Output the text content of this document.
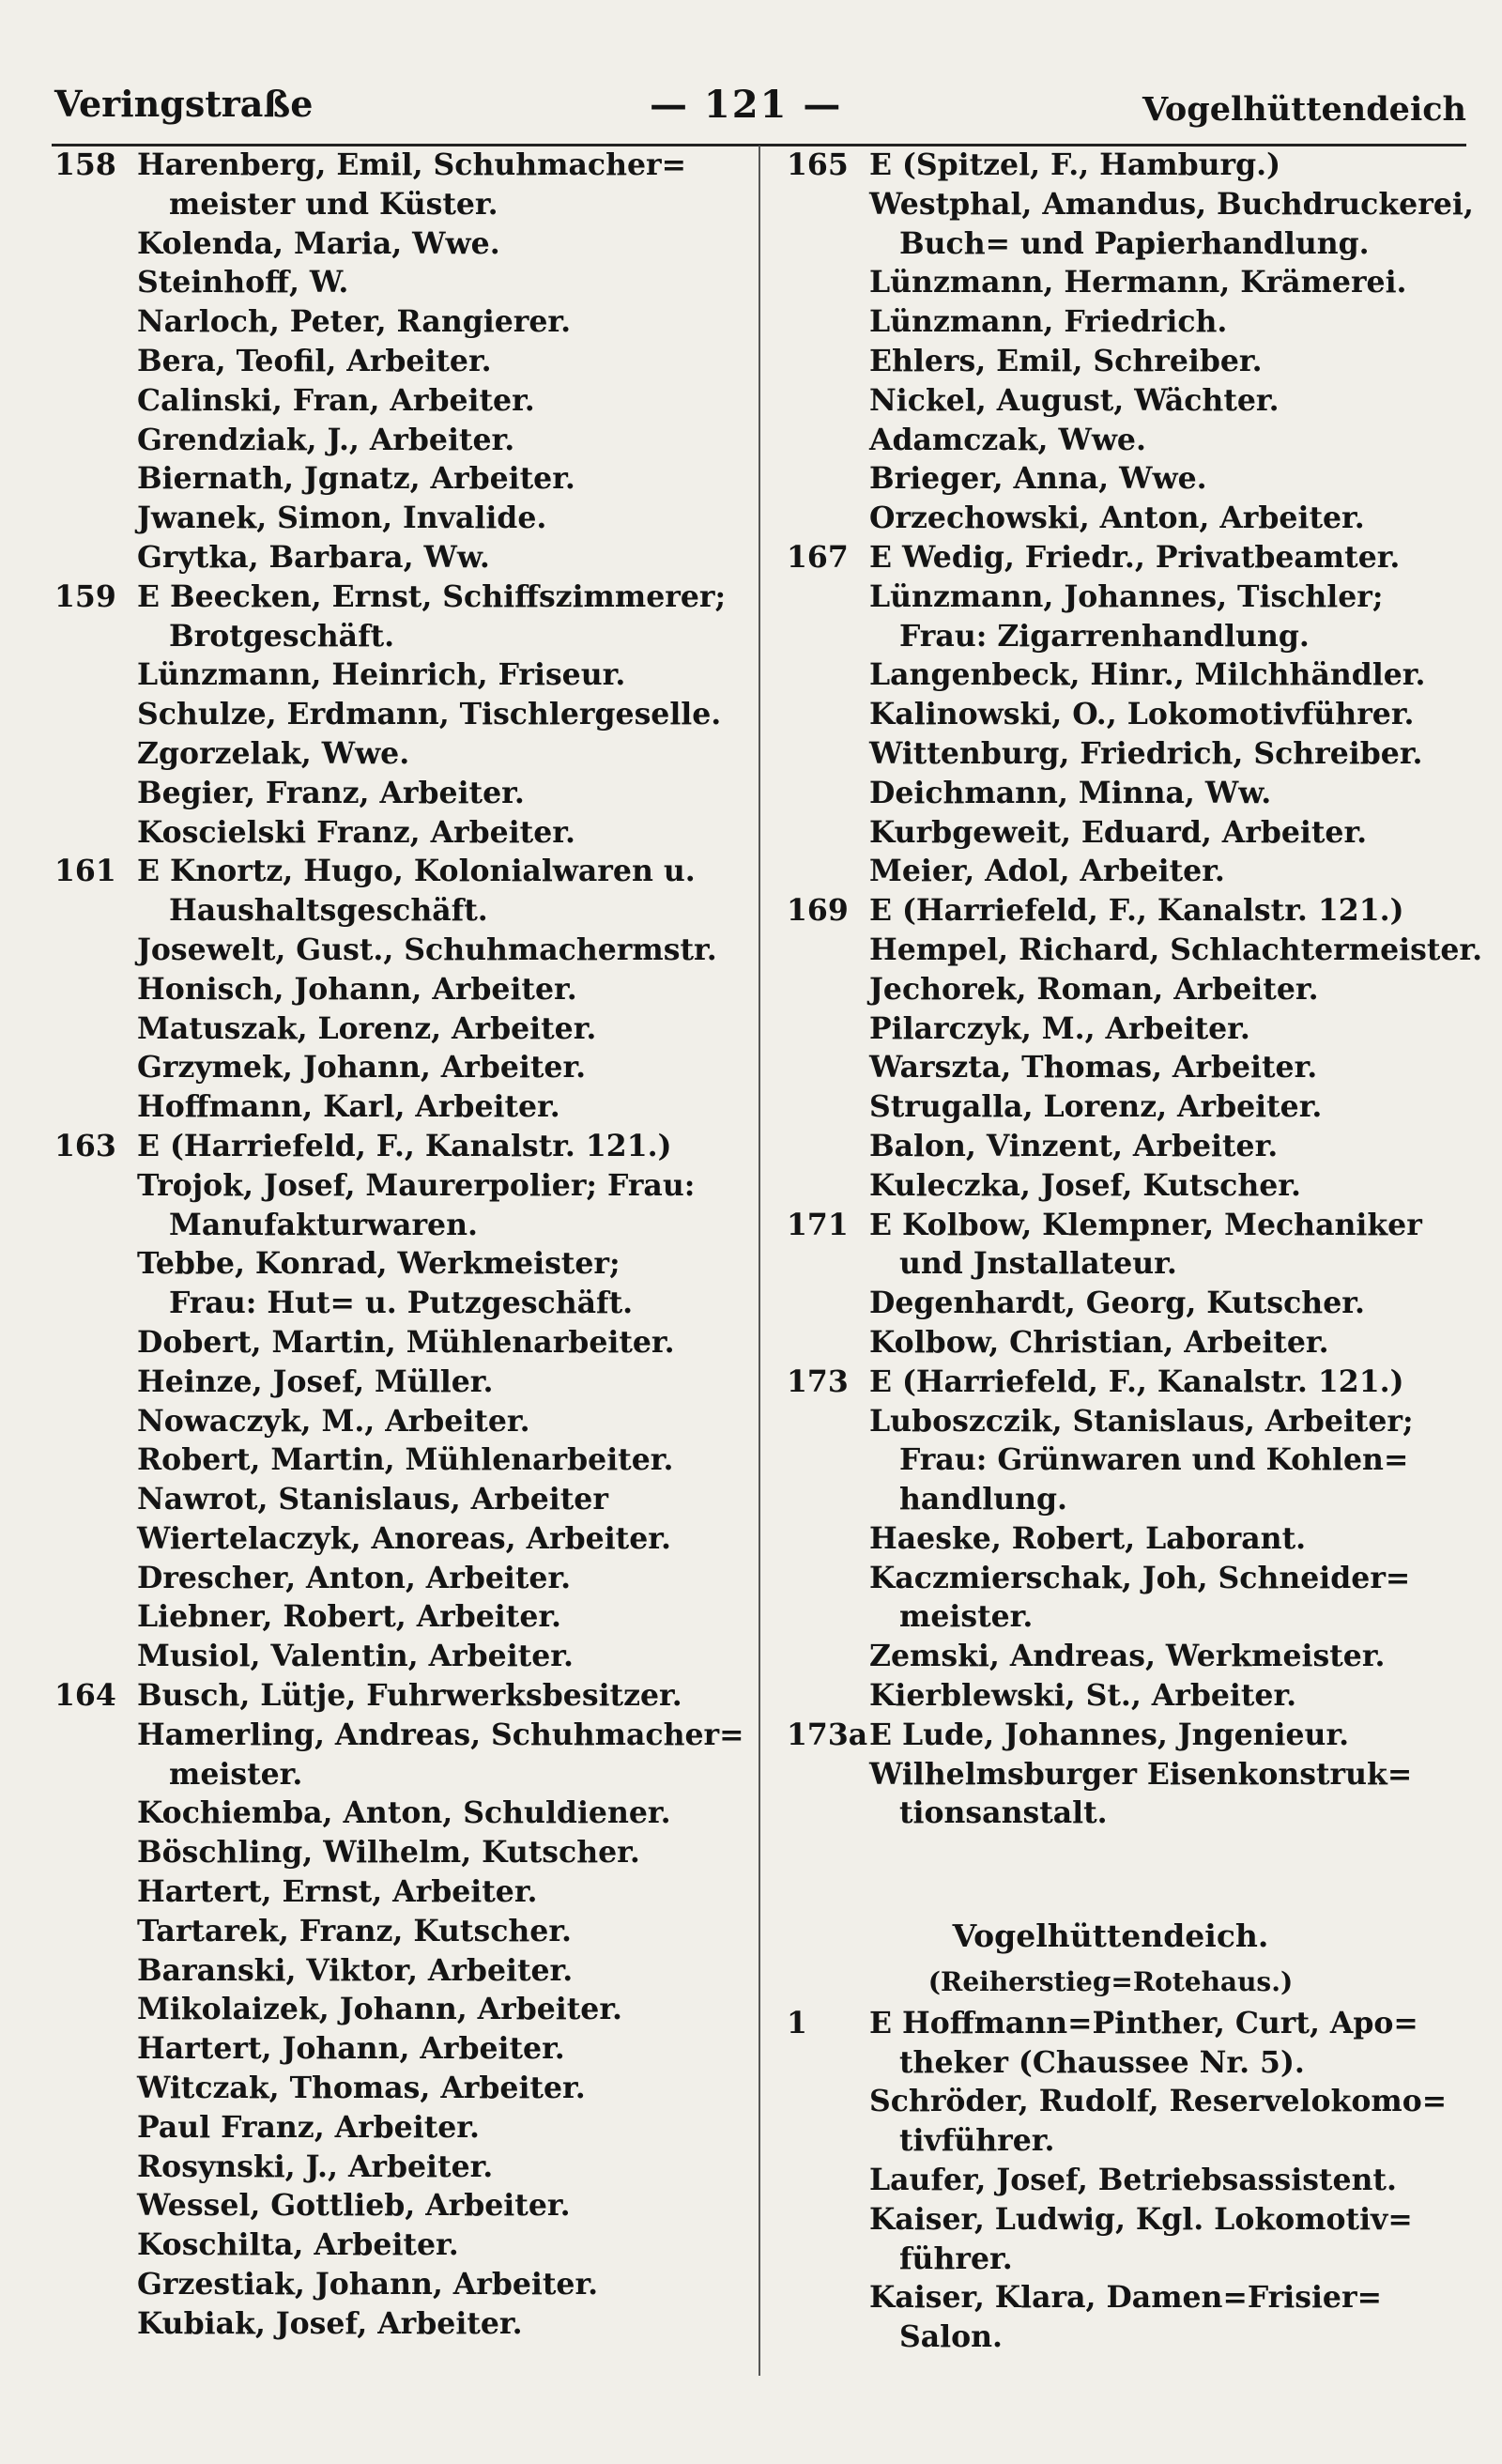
Veringstraße	— 121 —	Vogelhüttendeich
158 Harenberg, Emil, Schuhmacher=
meister und Küster.
Kolenda, Maria, Wwe.
Steinhoff, W.
Narloch, Peter, Rangierer.
Bera, Teofil, Arbeiter.
Calinski, Fran, Arbeiter.
Grendziak, J., Arbeiter.
Biernath, Jgnatz, Arbeiter.
Jwanek, Simon, Invalide.
Grytka, Barbara, Ww.
159 E Beecken, Ernst, Schiffszimmerer;
Brotgeschäft.
Lünzmann, Heinrich, Friseur.
Schulze, Erdmann, Tischlergeselle.
Zgorzelak, Wwe.
Begier, Franz, Arbeiter.
Koscielski Franz, Arbeiter.
161 E Knortz, Hugo, Kolonialwaren u.
Haushaltsgeschäft.
Josewelt, Gust., Schuhmachermstr.
Honisch, Johann, Arbeiter.
Matuszak, Lorenz, Arbeiter.
Grzymek, Johann, Arbeiter.
Hoffmann, Karl, Arbeiter.
163 E (Harriefeld, F., Kanalstr. 121.)
Trojok, Josef, Maurerpolier; Frau:
Manufakturwaren.
Tebbe, Konrad, Werkmeister;
Frau: Hut= u. Putzgeschäft.
Dobert, Martin, Mühlenarbeiter.
Heinze, Josef, Müller.
Nowaczyk, M., Arbeiter.
Robert, Martin, Mühlenarbeiter.
Nawrot, Stanislaus, Arbeiter
Wiertelaczyk, Anoreas, Arbeiter.
Drescher, Anton, Arbeiter.
Liebner, Robert, Arbeiter.
Musiol, Valentin, Arbeiter.
164 Busch, Lütje, Fuhrwerksbesitzer.
Hamerling, Andreas, Schuhmacher=
meister.
Kochiemba, Anton, Schuldiener.
Böschling, Wilhelm, Kutscher.
Hartert, Ernst, Arbeiter.
Tartarek, Franz, Kutscher.
Baranski, Viktor, Arbeiter.
Mikolaizek, Johann, Arbeiter.
Hartert, Johann, Arbeiter.
Witczak, Thomas, Arbeiter.
Paul Franz, Arbeiter.
Rosynski, J., Arbeiter.
Wessel, Gottlieb, Arbeiter.
Koschilta, Arbeiter.
Grzestiak, Johann, Arbeiter.
Kubiak, Josef, Arbeiter.
165 E (Spitzel, F., Hamburg.)
Westphal, Amandus, Buchdruckerei,
Buch= und Papierhandlung.
Lünzmann, Hermann, Krämerei.
Lünzmann, Friedrich.
Ehlers, Emil, Schreiber.
Nickel, August, Wächter.
Adamczak, Wwe.
Brieger, Anna, Wwe.
Orzechowski, Anton, Arbeiter.
167 E Wedig, Friedr., Privatbeamter.
Lünzmann, Johannes, Tischler;
Frau: Zigarrenhandlung.
Langenbeck, Hinr., Milchhändler.
Kalinowski, O., Lokomotivführer.
Wittenburg, Friedrich, Schreiber.
Deichmann, Minna, Ww.
Kurbgeweit, Eduard, Arbeiter.
Meier, Adol, Arbeiter.
169 E (Harriefeld, F., Kanalstr. 121.)
Hempel, Richard, Schlachtermeister.
Jechorek, Roman, Arbeiter.
Pilarczyk, M., Arbeiter.
Warszta, Thomas, Arbeiter.
Strugalla, Lorenz, Arbeiter.
Balon, Vinzent, Arbeiter.
Kuleczka, Josef, Kutscher.
171 E Kolbow, Klempner, Mechaniker
und Jnstallateur.
Degenhardt, Georg, Kutscher.
Kolbow, Christian, Arbeiter.
173 E (Harriefeld, F., Kanalstr. 121.)
Luboszczik, Stanislaus, Arbeiter;
Frau: Grünwaren und Kohlen=
handlung.
Haeske, Robert, Laborant.
Kaczmierschak, Joh, Schneider=
meister.
Zemski, Andreas, Werkmeister.
Kierblewski, St., Arbeiter.
173a E Lude, Johannes, Jngenieur.
Wilhelmsburger Eisenkonstruk=
tionsanstalt.
Vogelhüttendeich.
(Reiherstieg=Rotehaus.)
1 E Hoffmann=Pinther, Curt, Apo=
theker (Chaussee Nr. 5).
Schröder, Rudolf, Reservelokomo=
tivführer.
Laufer, Josef, Betriebsassistent.
Kaiser, Ludwig, Kgl. Lokomotiv=
führer.
Kaiser, Klara, Damen=Frisier=
Salon.
